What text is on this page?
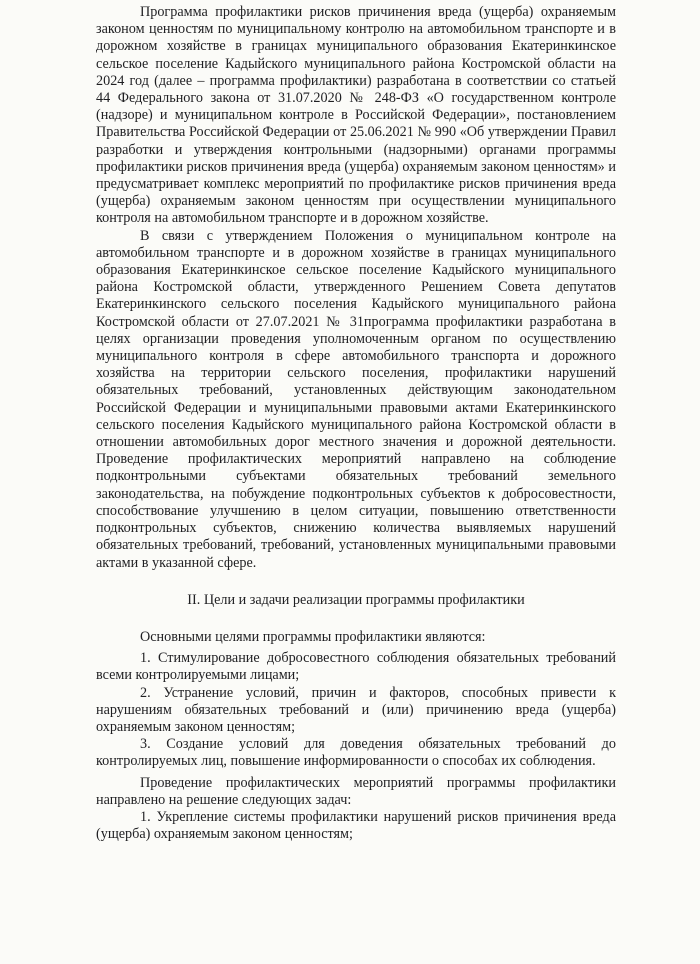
Программа профилактики рисков причинения вреда (ущерба) охраняемым законом ценностям по муниципальному контролю на автомобильном транспорте и в дорожном хозяйстве в границах муниципального образования Екатеринкинское сельское поселение Кадыйского муниципального района Костромской области на 2024 год (далее – программа профилактики) разработана в соответствии со статьей 44 Федерального закона от 31.07.2020 № 248-ФЗ «О государственном контроле (надзоре) и муниципальном контроле в Российской Федерации», постановлением Правительства Российской Федерации от 25.06.2021 № 990 «Об утверждении Правил разработки и утверждения контрольными (надзорными) органами программы профилактики рисков причинения вреда (ущерба) охраняемым законом ценностям» и предусматривает комплекс мероприятий по профилактике рисков причинения вреда (ущерба) охраняемым законом ценностям при осуществлении муниципального контроля на автомобильном транспорте и в дорожном хозяйстве.

В связи с утверждением Положения о муниципальном контроле на автомобильном транспорте и в дорожном хозяйстве в границах муниципального образования Екатеринкинское сельское поселение Кадыйского муниципального района Костромской области, утвержденного Решением Совета депутатов Екатеринкинского сельского поселения Кадыйского муниципального района Костромской области от 27.07.2021 № 31программа профилактики разработана в целях организации проведения уполномоченным органом по осуществлению муниципального контроля в сфере автомобильного транспорта и дорожного хозяйства на территории сельского поселения, профилактики нарушений обязательных требований, установленных действующим законодательном Российской Федерации и муниципальными правовыми актами Екатеринкинского сельского поселения Кадыйского муниципального района Костромской области в отношении автомобильных дорог местного значения и дорожной деятельности. Проведение профилактических мероприятий направлено на соблюдение подконтрольными субъектами обязательных требований земельного законодательства, на побуждение подконтрольных субъектов к добросовестности, способствование улучшению в целом ситуации, повышению ответственности подконтрольных субъектов, снижению количества выявляемых нарушений обязательных требований, требований, установленных муниципальными правовыми актами в указанной сфере.

II. Цели и задачи реализации программы профилактики

Основными целями программы профилактики являются:

1. Стимулирование добросовестного соблюдения обязательных требований всеми контролируемыми лицами;

2. Устранение условий, причин и факторов, способных привести к нарушениям обязательных требований и (или) причинению вреда (ущерба) охраняемым законом ценностям;

3. Создание условий для доведения обязательных требований до контролируемых лиц, повышение информированности о способах их соблюдения.

Проведение профилактических мероприятий программы профилактики направлено на решение следующих задач:

1. Укрепление системы профилактики нарушений рисков причинения вреда (ущерба) охраняемым законом ценностям;
